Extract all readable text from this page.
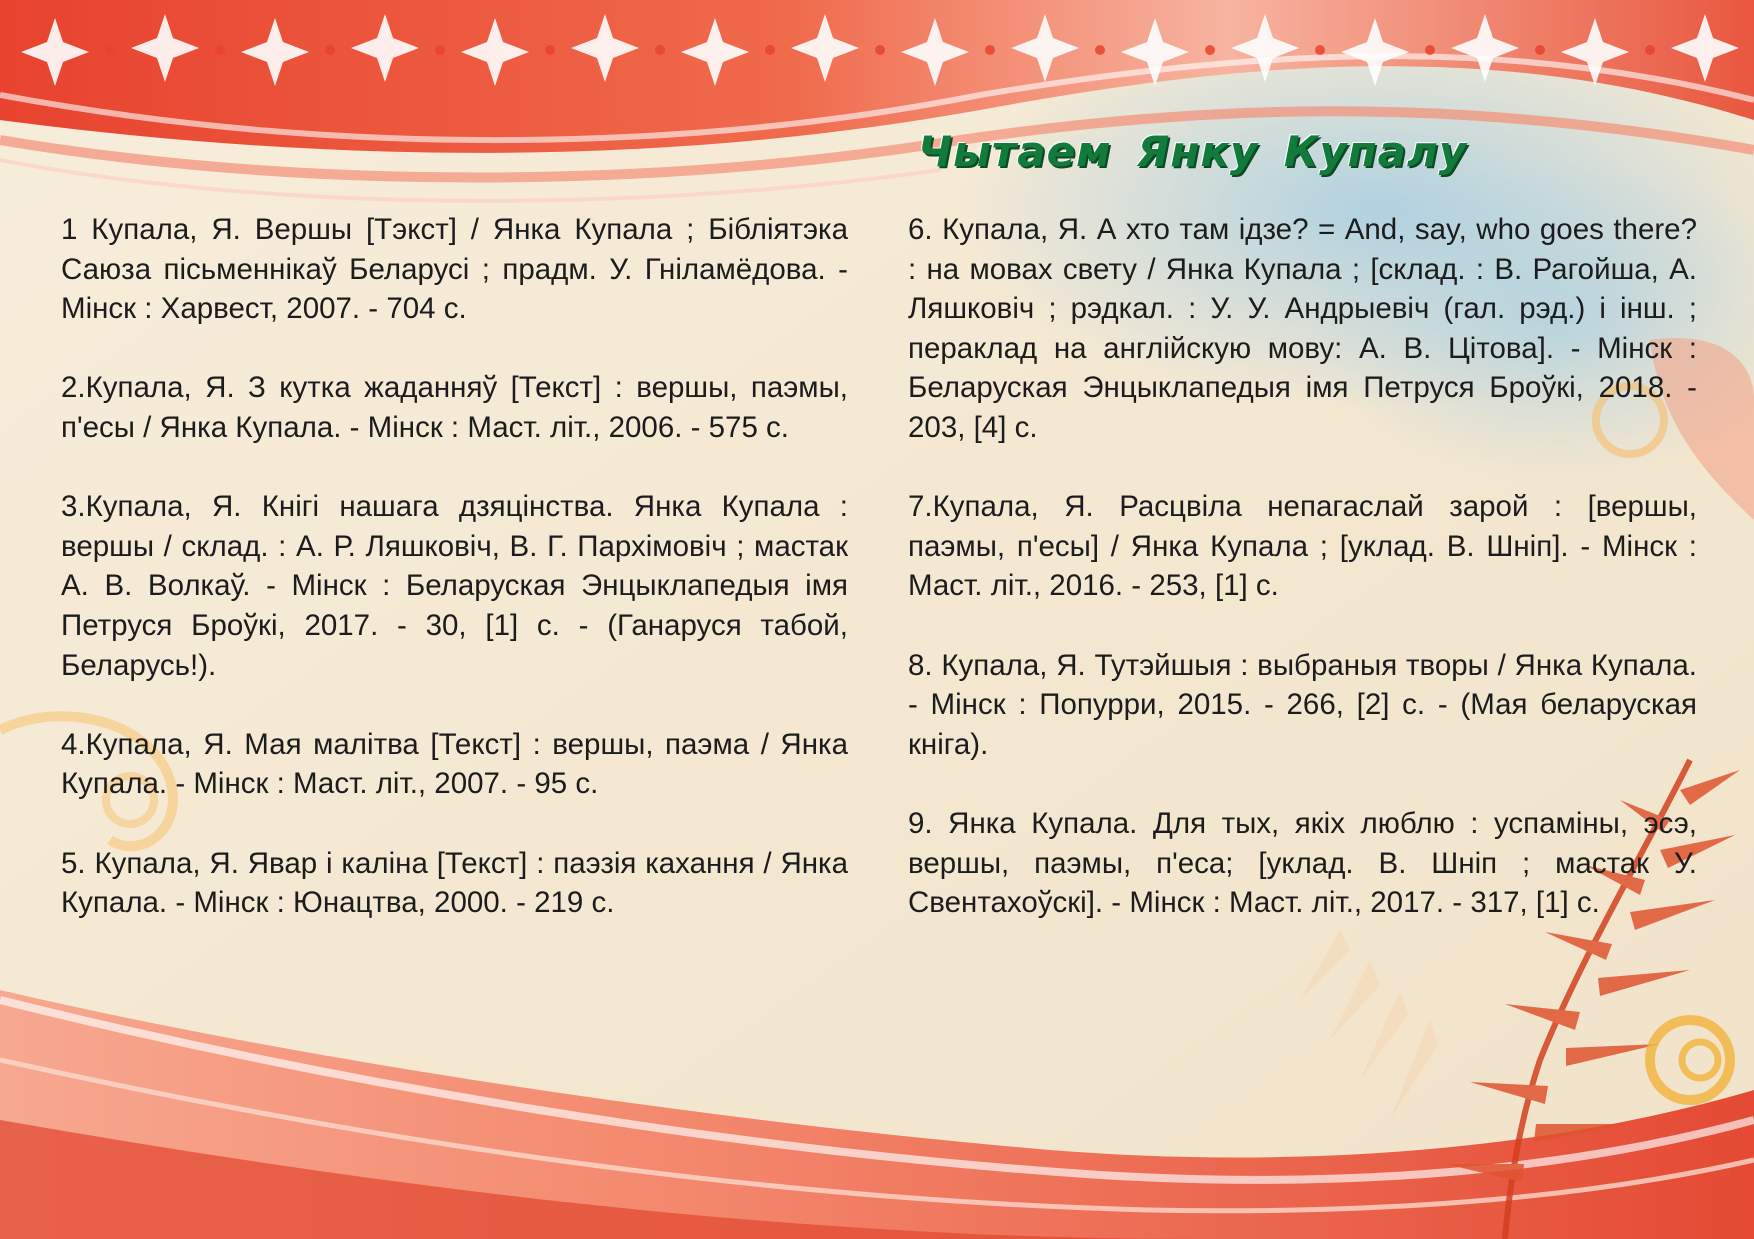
Чытаем Янку Купалу
1 Купала, Я. Вершы [Тэкст] / Янка Купала ; Бібліятэка Саюза пісьменнікаў Беларусі ; прадм. У. Гніламёдова. - Мінск : Харвест, 2007. - 704 с.
2.Купала, Я. З кутка жаданняў [Текст] : вершы, паэмы, п'есы / Янка Купала. - Мінск : Маст. літ., 2006. - 575 с.
3.Купала, Я. Кнігі нашага дзяцінства. Янка Купала : вершы / склад. : А. Р. Ляшковіч, В. Г. Пархімовіч ; мастак А. В. Волкаў. - Мінск : Беларуская Энцыклапедыя імя Петруся Броўкі, 2017. - 30, [1] с. - (Ганаруся табой, Беларусь!).
4.Купала, Я. Мая малітва [Текст] : вершы, паэма / Янка Купала. - Мінск : Маст. літ., 2007. - 95 с.
5. Купала, Я. Явар і каліна [Текст] : паэзія кахання / Янка Купала. - Мінск : Юнацтва, 2000. - 219 с.
6. Купала, Я. А хто там ідзе? = And, say, who goes there? : на мовах свету / Янка Купала ; [склад. : В. Рагойша, А. Ляшковіч ; рэдкал. : У. У. Андрыевіч (гал. рэд.) і інш. ; пераклад на англійскую мову: А. В. Цітова]. - Мінск : Беларуская Энцыклапедыя імя Петруся Броўкі, 2018. - 203, [4] с.
7.Купала, Я. Расцвіла непагаслай зарой : [вершы, паэмы, п'есы] / Янка Купала ; [уклад. В. Шніп]. - Мінск : Маст. літ., 2016. - 253, [1] с.
8. Купала, Я. Тутэйшыя : выбраныя творы / Янка Купала. - Мінск : Попурри, 2015. - 266, [2] с. - (Мая беларуская кніга).
9. Янка Купала. Для тых, якіх люблю : успаміны, эсэ, вершы, паэмы, п'еса; [уклад. В. Шніп ; мастак У. Свентахоўскі]. - Мінск : Маст. літ., 2017. - 317, [1] с.
